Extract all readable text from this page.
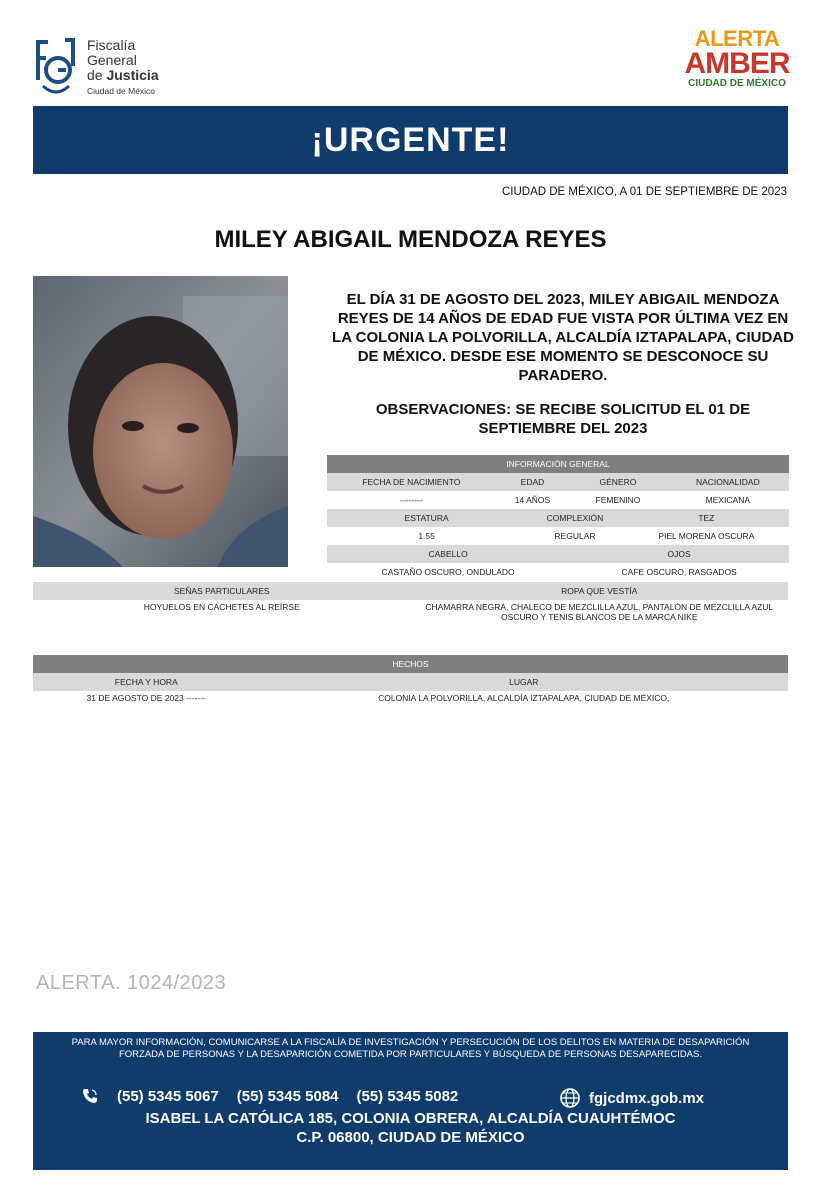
Fiscalía
General
de Justicia
Ciudad de México
ALERTA
AMBER
CIUDAD DE MÉXICO
¡URGENTE!
CIUDAD DE MÉXICO, A 01 DE SEPTIEMBRE DE 2023
MILEY ABIGAIL MENDOZA REYES
EL DÍA 31 DE AGOSTO DEL 2023, MILEY ABIGAIL MENDOZA REYES DE 14 AÑOS DE EDAD FUE VISTA POR ÚLTIMA VEZ EN LA COLONIA LA POLVORILLA, ALCALDÍA IZTAPALAPA, CIUDAD DE MÉXICO. DESDE ESE MOMENTO SE DESCONOCE SU PARADERO.
OBSERVACIONES: SE RECIBE SOLICITUD EL 01 DE SEPTIEMBRE DEL 2023
INFORMACIÓN GENERAL					
FECHA DE NACIMIENTO	EDAD		GÉNERO		NACIONALIDAD
--------	14 AÑOS		FEMENINO		MEXICANA
ESTATURA		COMPLEXIÓN		TEZ	
1.55		REGULAR		PIEL MORENA OSCURA	
CABELLO			OJOS		
CASTAÑO OSCURO, ONDULADO			CAFE OSCURO, RASGADOS		
SEÑAS PARTICULARES	ROPA QUE VESTÍA
HOYUELOS EN CACHETES AL REÍRSE	CHAMARRA NEGRA, CHALECO DE MEZCLILLA AZUL, PANTALÓN DE MEZCLILLA AZUL
OSCURO Y TENIS BLANCOS DE LA MARCA NIKE
HECHOS	
FECHA Y HORA	LUGAR
31 DE AGOSTO DE 2023 -------	COLONIA LA POLVORILLA, ALCALDÍA IZTAPALAPA, CIUDAD DE MÉXICO,
ALERTA. 1024/2023
PARA MAYOR INFORMACIÓN, COMUNICARSE A LA FISCALÍA DE INVESTIGACIÓN Y PERSECUCIÓN DE LOS DELITOS EN MATERIA DE DESAPARICIÓN FORZADA DE PERSONAS Y LA DESAPARICIÓN COMETIDA POR PARTICULARES Y BÚSQUEDA DE PERSONAS DESAPARECIDAS.
(55) 5345 5067 (55) 5345 5084 (55) 5345 5082	fgjcdmx.gob.mx
ISABEL LA CATÓLICA 185, COLONIA OBRERA, ALCALDÍA CUAUHTÉMOC
C.P. 06800, CIUDAD DE MÉXICO
